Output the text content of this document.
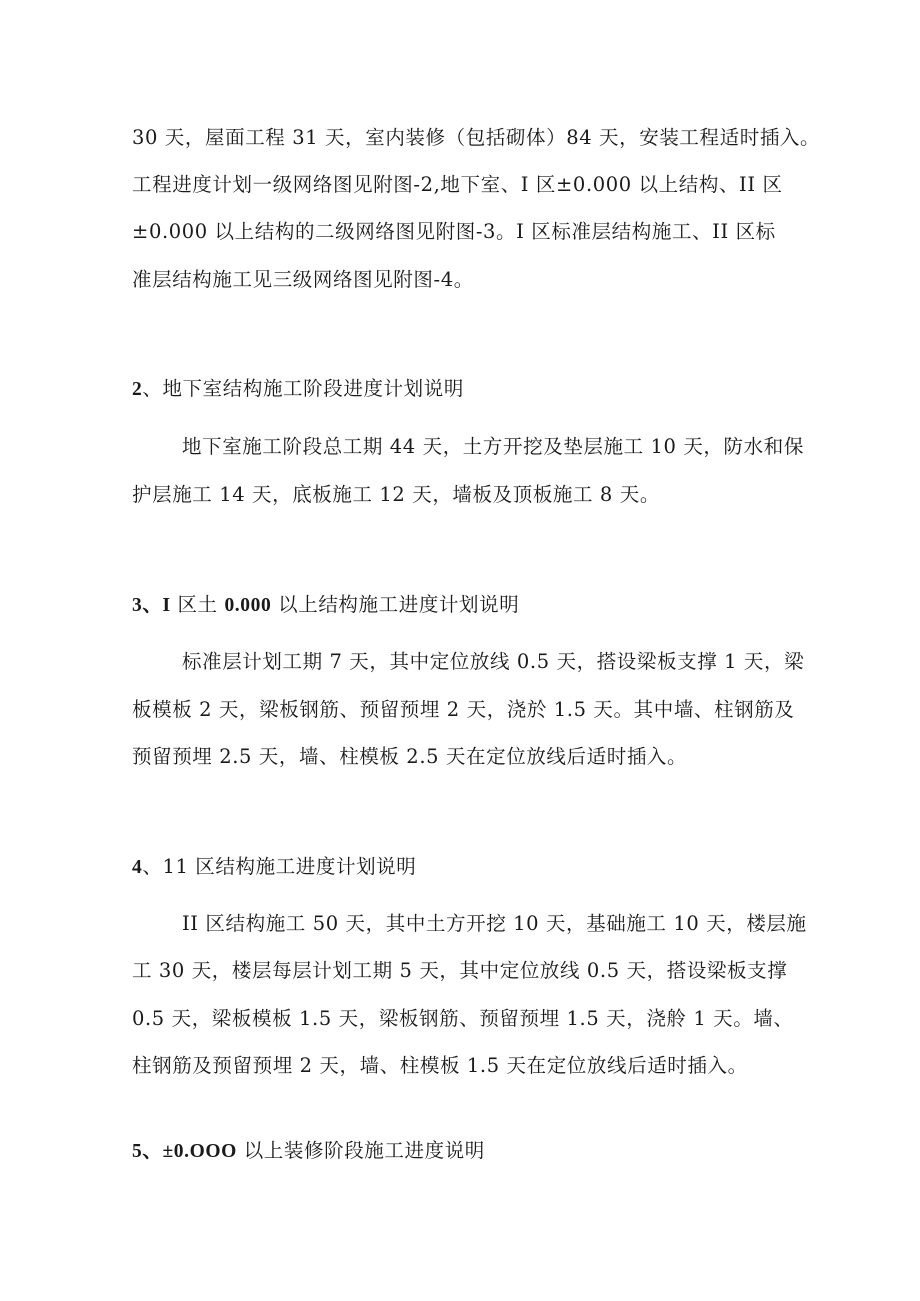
30 天，屋面工程 31 天，室内装修（包括砌体）84 天，安装工程适时插入。
工程进度计划一级网络图见附图-2,地下室、I 区±0.000 以上结构、II 区
±0.000 以上结构的二级网络图见附图-3。I 区标准层结构施工、II 区标
准层结构施工见三级网络图见附图-4。
2、地下室结构施工阶段进度计划说明
地下室施工阶段总工期 44 天，土方开挖及垫层施工 10 天，防水和保
护层施工 14 天，底板施工 12 天，墙板及顶板施工 8 天。
3、I 区土 0.000 以上结构施工进度计划说明
标准层计划工期 7 天，其中定位放线 0.5 天，搭设梁板支撑 1 天，梁
板模板 2 天，梁板钢筋、预留预埋 2 天，浇於 1.5 天。其中墙、柱钢筋及
预留预埋 2.5 天，墙、柱模板 2.5 天在定位放线后适时插入。
4、11 区结构施工进度计划说明
II 区结构施工 50 天，其中土方开挖 10 天，基础施工 10 天，楼层施
工 30 天，楼层每层计划工期 5 天，其中定位放线 0.5 天，搭设梁板支撑
0.5 天，梁板模板 1.5 天，梁板钢筋、预留预埋 1.5 天，浇舲 1 天。墙、
柱钢筋及预留预埋 2 天，墙、柱模板 1.5 天在定位放线后适时插入。
5、±0.OOO 以上装修阶段施工进度说明
